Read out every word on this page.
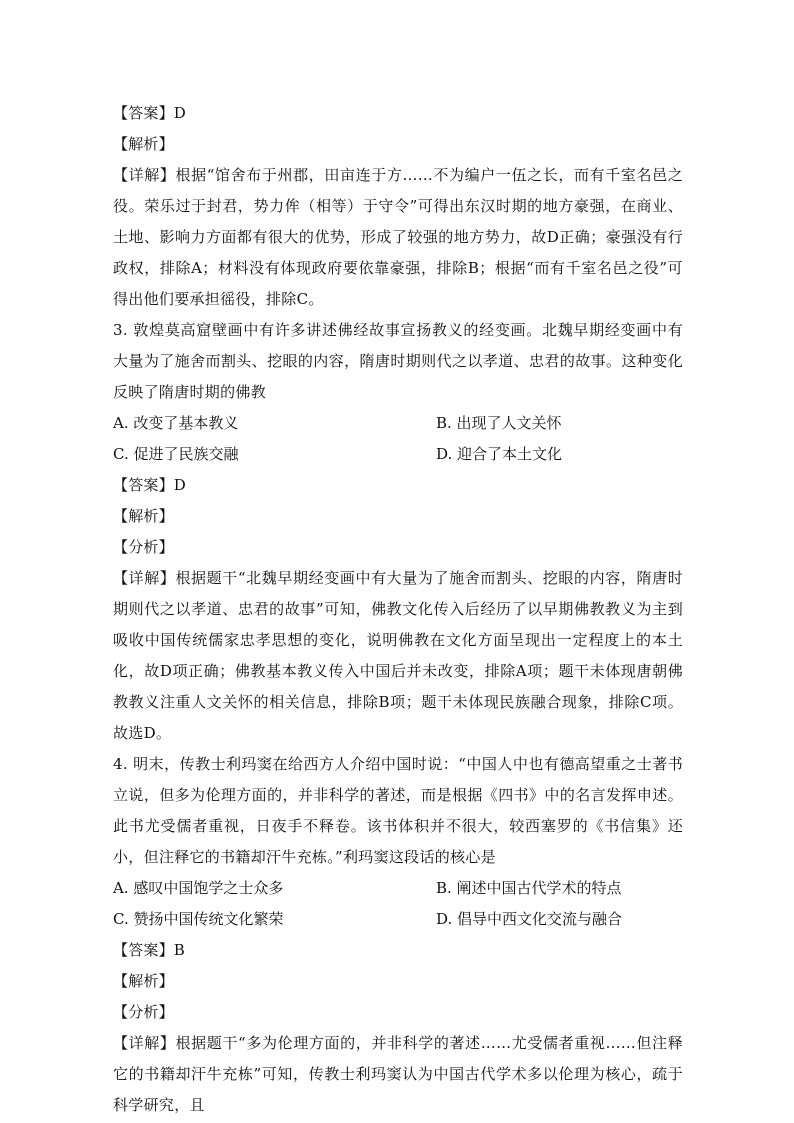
【答案】D
【解析】
【详解】根据“馆舍布于州郡，田亩连于方……不为编户一伍之长，而有千室名邑之役。荣乐过于封君，势力侔（相等）于守令”可得出东汉时期的地方豪强，在商业、土地、影响力方面都有很大的优势，形成了较强的地方势力，故D正确；豪强没有行政权，排除A；材料没有体现政府要依靠豪强，排除B；根据“而有千室名邑之役”可得出他们要承担徭役，排除C。
3. 敦煌莫高窟壁画中有许多讲述佛经故事宣扬教义的经变画。北魏早期经变画中有大量为了施舍而割头、挖眼的内容，隋唐时期则代之以孝道、忠君的故事。这种变化反映了隋唐时期的佛教
A. 改变了基本教义	B. 出现了人文关怀
C. 促进了民族交融	D. 迎合了本土文化
【答案】D
【解析】
【分析】
【详解】根据题干“北魏早期经变画中有大量为了施舍而割头、挖眼的内容，隋唐时期则代之以孝道、忠君的故事”可知，佛教文化传入后经历了以早期佛教教义为主到吸收中国传统儒家忠孝思想的变化，说明佛教在文化方面呈现出一定程度上的本土化，故D项正确；佛教基本教义传入中国后并未改变，排除A项；题干未体现唐朝佛教教义注重人文关怀的相关信息，排除B项；题干未体现民族融合现象，排除C项。故选D。
4. 明末，传教士利玛窦在给西方人介绍中国时说：“中国人中也有德高望重之士著书立说，但多为伦理方面的，并非科学的著述，而是根据《四书》中的名言发挥申述。此书尤受儒者重视，日夜手不释卷。该书体积并不很大，较西塞罗的《书信集》还小，但注释它的书籍却汗牛充栋。”利玛窦这段话的核心是
A. 感叹中国饱学之士众多	B. 阐述中国古代学术的特点
C. 赞扬中国传统文化繁荣	D. 倡导中西文化交流与融合
【答案】B
【解析】
【分析】
【详解】根据题干“多为伦理方面的，并非科学的著述……尤受儒者重视……但注释它的书籍却汗牛充栋”可知，传教士利玛窦认为中国古代学术多以伦理为核心，疏于科学研究，且
